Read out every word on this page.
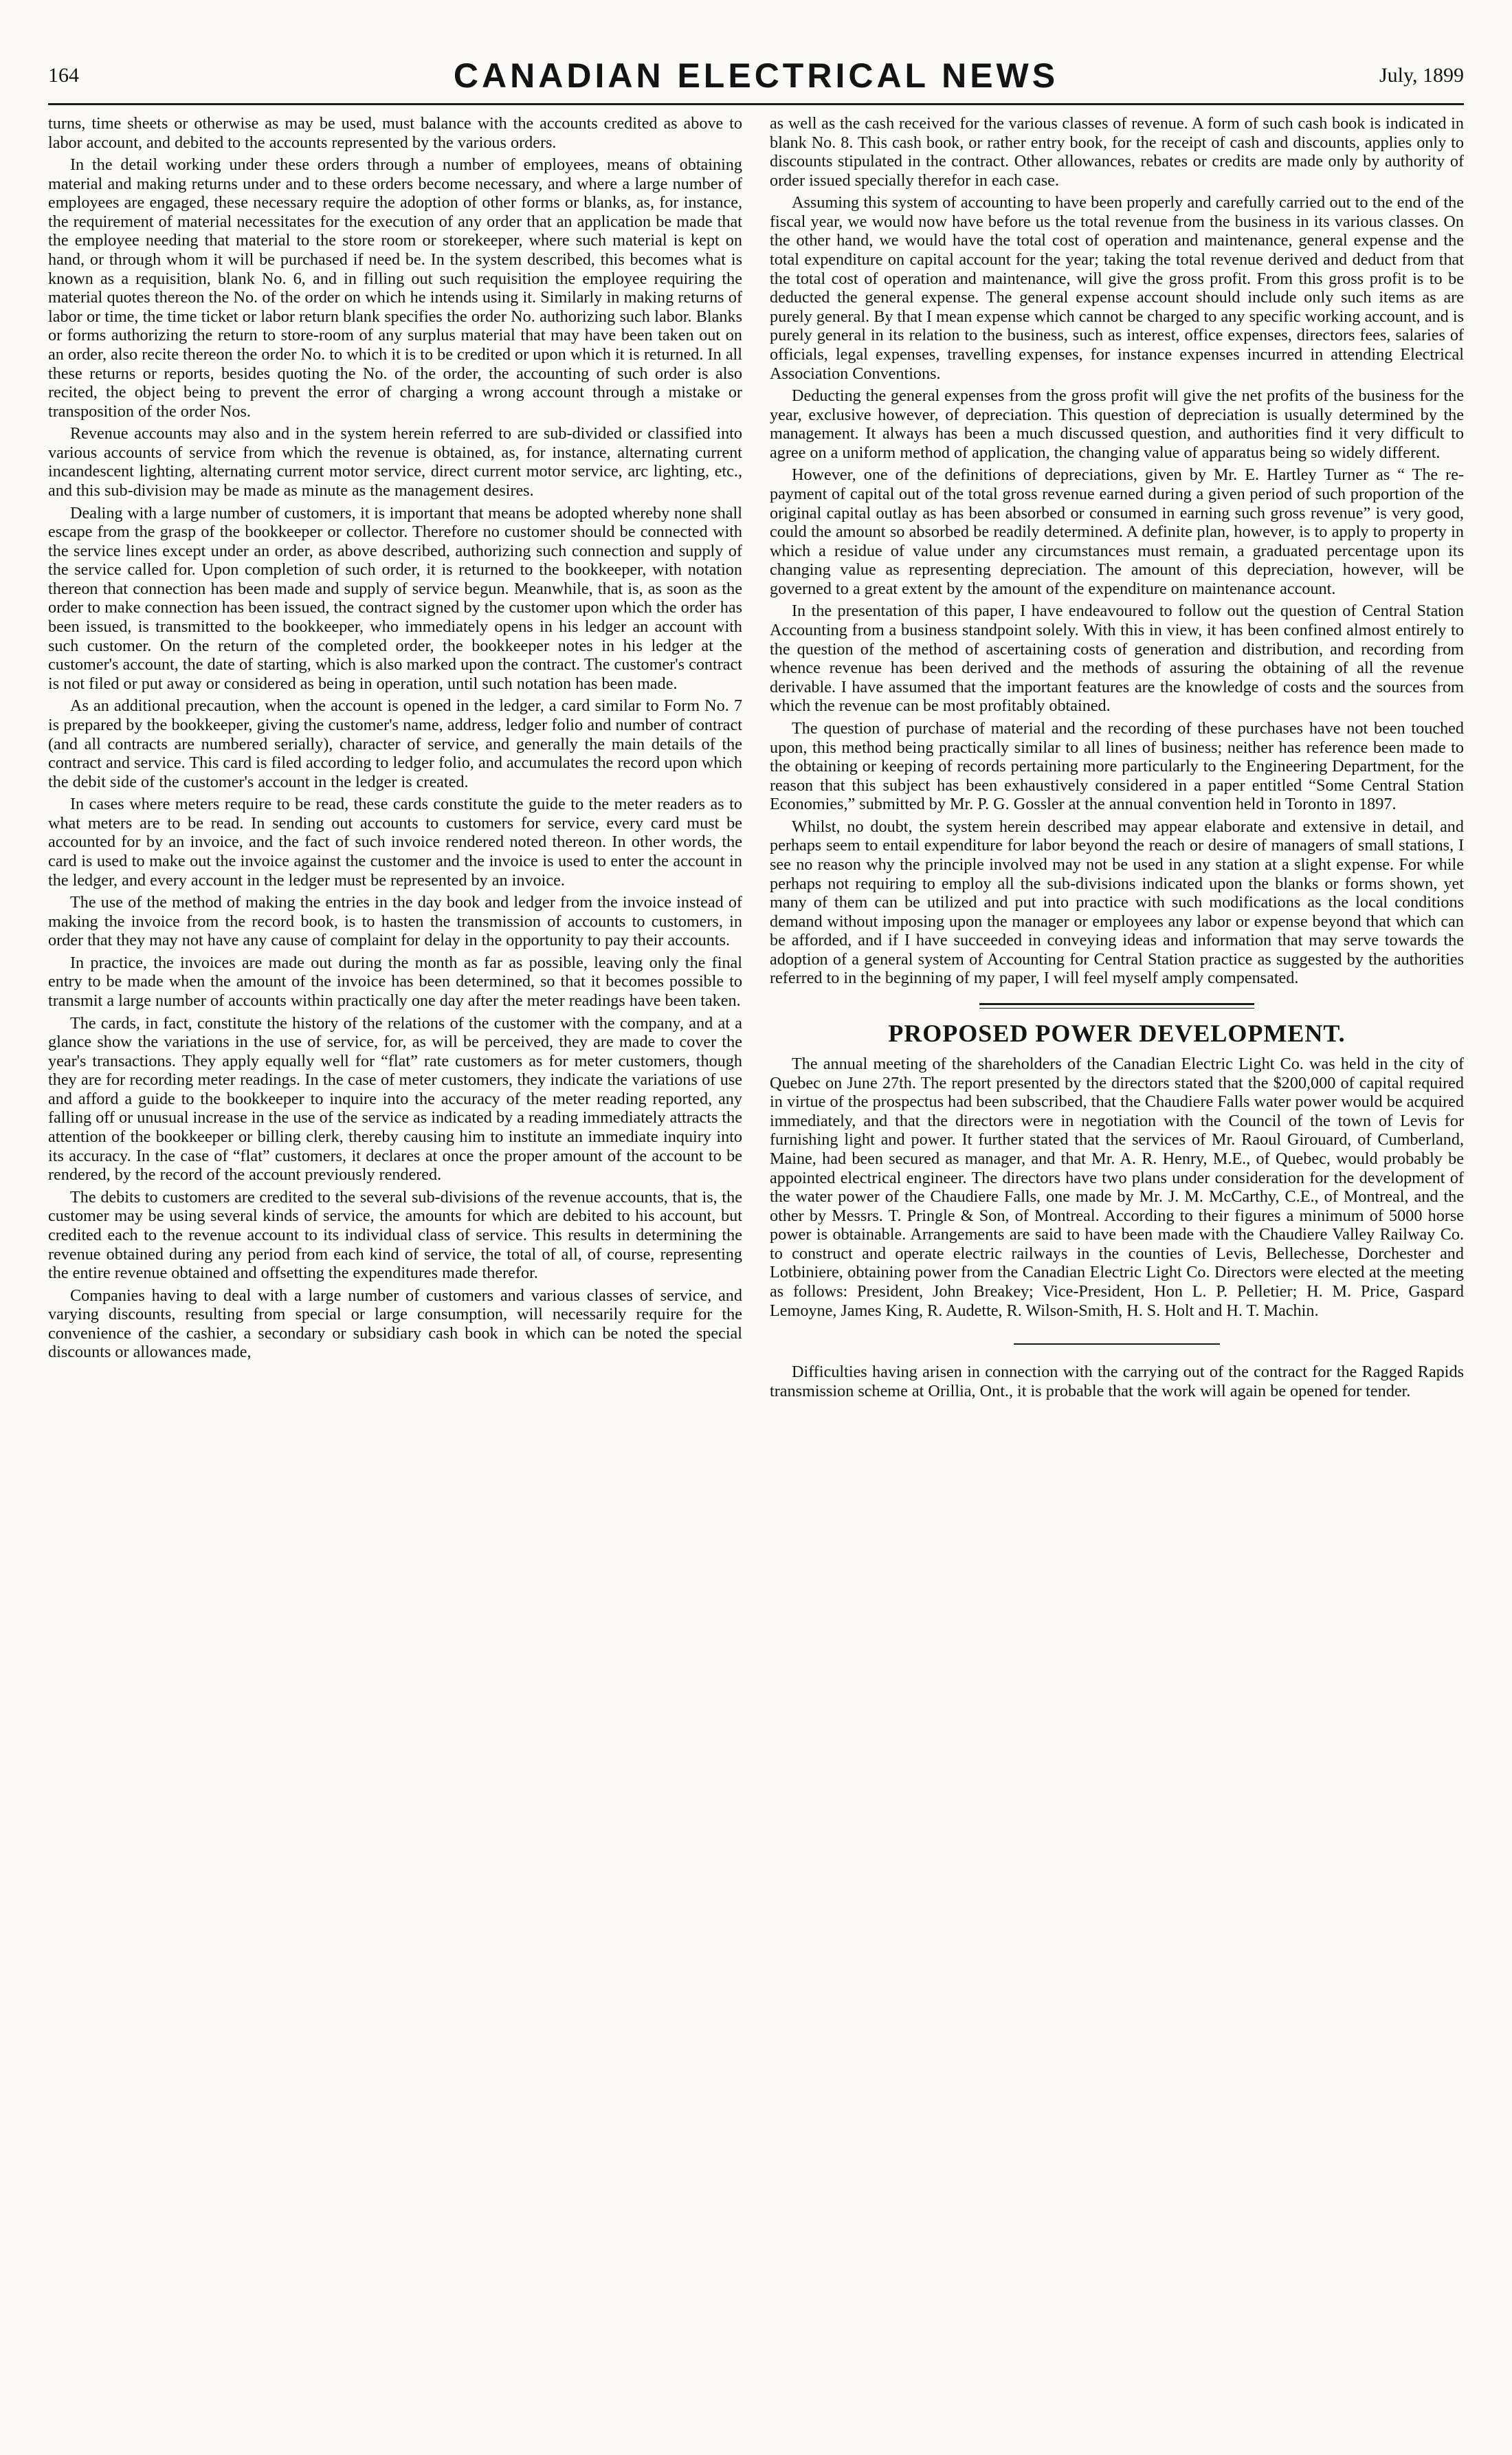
164	CANADIAN ELECTRICAL NEWS	July, 1899

turns, time sheets or otherwise as may be used, must balance with the accounts credited as above to labor account, and debited to the accounts represented by the various orders.

In the detail working under these orders through a number of employees, means of obtaining material and making returns under and to these orders become necessary, and where a large number of employees are engaged, these necessary require the adoption of other forms or blanks, as, for instance, the requirement of material necessitates for the execution of any order that an application be made that the employee needing that material to the store room or storekeeper, where such material is kept on hand, or through whom it will be purchased if need be. In the system described, this becomes what is known as a requisition, blank No. 6, and in filling out such requisition the employee requiring the material quotes thereon the No. of the order on which he intends using it. Similarly in making returns of labor or time, the time ticket or labor return blank specifies the order No. authorizing such labor. Blanks or forms authorizing the return to store-room of any surplus material that may have been taken out on an order, also recite thereon the order No. to which it is to be credited or upon which it is returned. In all these returns or reports, besides quoting the No. of the order, the accounting of such order is also recited, the object being to prevent the error of charging a wrong account through a mistake or transposition of the order Nos.

Revenue accounts may also and in the system herein referred to are sub-divided or classified into various accounts of service from which the revenue is obtained, as, for instance, alternating current incandescent lighting, alternating current motor service, direct current motor service, arc lighting, etc., and this sub-division may be made as minute as the management desires.

Dealing with a large number of customers, it is important that means be adopted whereby none shall escape from the grasp of the bookkeeper or collector. Therefore no customer should be connected with the service lines except under an order, as above described, authorizing such connection and supply of the service called for. Upon completion of such order, it is returned to the bookkeeper, with notation thereon that connection has been made and supply of service begun. Meanwhile, that is, as soon as the order to make connection has been issued, the contract signed by the customer upon which the order has been issued, is transmitted to the bookkeeper, who immediately opens in his ledger an account with such customer. On the return of the completed order, the bookkeeper notes in his ledger at the customer's account, the date of starting, which is also marked upon the contract. The customer's contract is not filed or put away or considered as being in operation, until such notation has been made.

As an additional precaution, when the account is opened in the ledger, a card similar to Form No. 7 is prepared by the bookkeeper, giving the customer's name, address, ledger folio and number of contract (and all contracts are numbered serially), character of service, and generally the main details of the contract and service. This card is filed according to ledger folio, and accumulates the record upon which the debit side of the customer's account in the ledger is created.

In cases where meters require to be read, these cards constitute the guide to the meter readers as to what meters are to be read. In sending out accounts to customers for service, every card must be accounted for by an invoice, and the fact of such invoice rendered noted thereon. In other words, the card is used to make out the invoice against the customer and the invoice is used to enter the account in the ledger, and every account in the ledger must be represented by an invoice.

The use of the method of making the entries in the day book and ledger from the invoice instead of making the invoice from the record book, is to hasten the transmission of accounts to customers, in order that they may not have any cause of complaint for delay in the opportunity to pay their accounts.

In practice, the invoices are made out during the month as far as possible, leaving only the final entry to be made when the amount of the invoice has been determined, so that it becomes possible to transmit a large number of accounts within practically one day after the meter readings have been taken.

The cards, in fact, constitute the history of the relations of the customer with the company, and at a glance show the variations in the use of service, for, as will be perceived, they are made to cover the year's transactions. They apply equally well for “flat” rate customers as for meter customers, though they are for recording meter readings. In the case of meter customers, they indicate the variations of use and afford a guide to the bookkeeper to inquire into the accuracy of the meter reading reported, any falling off or unusual increase in the use of the service as indicated by a reading immediately attracts the attention of the bookkeeper or billing clerk, thereby causing him to institute an immediate inquiry into its accuracy. In the case of “flat” customers, it declares at once the proper amount of the account to be rendered, by the record of the account previously rendered.

The debits to customers are credited to the several sub-divisions of the revenue accounts, that is, the customer may be using several kinds of service, the amounts for which are debited to his account, but credited each to the revenue account to its individual class of service. This results in determining the revenue obtained during any period from each kind of service, the total of all, of course, representing the entire revenue obtained and offsetting the expenditures made therefor.

Companies having to deal with a large number of customers and various classes of service, and varying discounts, resulting from special or large consumption, will necessarily require for the convenience of the cashier, a secondary or subsidiary cash book in which can be noted the special discounts or allowances made,

as well as the cash received for the various classes of revenue. A form of such cash book is indicated in blank No. 8. This cash book, or rather entry book, for the receipt of cash and discounts, applies only to discounts stipulated in the contract. Other allowances, rebates or credits are made only by authority of order issued specially therefor in each case.

Assuming this system of accounting to have been properly and carefully carried out to the end of the fiscal year, we would now have before us the total revenue from the business in its various classes. On the other hand, we would have the total cost of operation and maintenance, general expense and the total expenditure on capital account for the year; taking the total revenue derived and deduct from that the total cost of operation and maintenance, will give the gross profit. From this gross profit is to be deducted the general expense. The general expense account should include only such items as are purely general. By that I mean expense which cannot be charged to any specific working account, and is purely general in its relation to the business, such as interest, office expenses, directors fees, salaries of officials, legal expenses, travelling expenses, for instance expenses incurred in attending Electrical Association Conventions.

Deducting the general expenses from the gross profit will give the net profits of the business for the year, exclusive however, of depreciation. This question of depreciation is usually determined by the management. It always has been a much discussed question, and authorities find it very difficult to agree on a uniform method of application, the changing value of apparatus being so widely different.

However, one of the definitions of depreciations, given by Mr. E. Hartley Turner as “ The re-payment of capital out of the total gross revenue earned during a given period of such proportion of the original capital outlay as has been absorbed or consumed in earning such gross revenue” is very good, could the amount so absorbed be readily determined. A definite plan, however, is to apply to property in which a residue of value under any circumstances must remain, a graduated percentage upon its changing value as representing depreciation. The amount of this depreciation, however, will be governed to a great extent by the amount of the expenditure on maintenance account.

In the presentation of this paper, I have endeavoured to follow out the question of Central Station Accounting from a business standpoint solely. With this in view, it has been confined almost entirely to the question of the method of ascertaining costs of generation and distribution, and recording from whence revenue has been derived and the methods of assuring the obtaining of all the revenue derivable. I have assumed that the important features are the knowledge of costs and the sources from which the revenue can be most profitably obtained.

The question of purchase of material and the recording of these purchases have not been touched upon, this method being practically similar to all lines of business; neither has reference been made to the obtaining or keeping of records pertaining more particularly to the Engineering Department, for the reason that this subject has been exhaustively considered in a paper entitled “Some Central Station Economies,” submitted by Mr. P. G. Gossler at the annual convention held in Toronto in 1897.

Whilst, no doubt, the system herein described may appear elaborate and extensive in detail, and perhaps seem to entail expenditure for labor beyond the reach or desire of managers of small stations, I see no reason why the principle involved may not be used in any station at a slight expense. For while perhaps not requiring to employ all the sub-divisions indicated upon the blanks or forms shown, yet many of them can be utilized and put into practice with such modifications as the local conditions demand without imposing upon the manager or employees any labor or expense beyond that which can be afforded, and if I have succeeded in conveying ideas and information that may serve towards the adoption of a general system of Accounting for Central Station practice as suggested by the authorities referred to in the beginning of my paper, I will feel myself amply compensated.

PROPOSED POWER DEVELOPMENT.

The annual meeting of the shareholders of the Canadian Electric Light Co. was held in the city of Quebec on June 27th. The report presented by the directors stated that the $200,000 of capital required in virtue of the prospectus had been subscribed, that the Chaudiere Falls water power would be acquired immediately, and that the directors were in negotiation with the Council of the town of Levis for furnishing light and power. It further stated that the services of Mr. Raoul Girouard, of Cumberland, Maine, had been secured as manager, and that Mr. A. R. Henry, M.E., of Quebec, would probably be appointed electrical engineer. The directors have two plans under consideration for the development of the water power of the Chaudiere Falls, one made by Mr. J. M. McCarthy, C.E., of Montreal, and the other by Messrs. T. Pringle & Son, of Montreal. According to their figures a minimum of 5000 horse power is obtainable. Arrangements are said to have been made with the Chaudiere Valley Railway Co. to construct and operate electric railways in the counties of Levis, Bellechesse, Dorchester and Lotbiniere, obtaining power from the Canadian Electric Light Co. Directors were elected at the meeting as follows: President, John Breakey; Vice-President, Hon L. P. Pelletier; H. M. Price, Gaspard Lemoyne, James King, R. Audette, R. Wilson-Smith, H. S. Holt and H. T. Machin.

Difficulties having arisen in connection with the carrying out of the contract for the Ragged Rapids transmission scheme at Orillia, Ont., it is probable that the work will again be opened for tender.
